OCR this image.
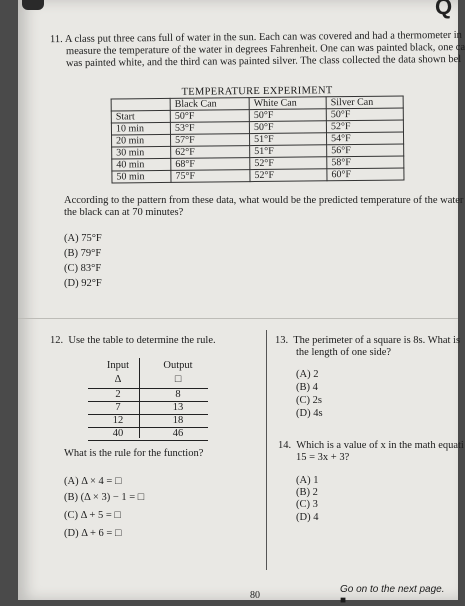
Q
11. A class put three cans full of water in the sun. Each can was covered and had a thermometer in
measure the temperature of the water in degrees Fahrenheit. One can was painted black, one ca
was painted white, and the third can was painted silver. The class collected the data shown bel
TEMPERATURE EXPERIMENT			
	Black Can	White Can	Silver Can
Start	50°F	50°F	50°F
10 min	53°F	50°F	52°F
20 min	57°F	51°F	54°F
30 min	62°F	51°F	56°F
40 min	68°F	52°F	58°F
50 min	75°F	52°F	60°F
According to the pattern from these data, what would be the predicted temperature of the water
the black can at 70 minutes?
(A) 75°F
(B) 79°F
(C) 83°F
(D) 92°F
12. Use the table to determine the rule.
Input	Output
Δ	□
2	8
7	13
12	18
40	46
What is the rule for the function?
(A) Δ × 4 = □
(B) (Δ × 3) − 1 = □
(C) Δ + 5 = □
(D) Δ + 6 = □
13. The perimeter of a square is 8s. What is
the length of one side?
(A) 2
(B) 4
(C) 2s
(D) 4s
14. Which is a value of x in the math equati
15 = 3x + 3?
(A) 1
(B) 2
(C) 3
(D) 4
Go on to the next page. ■
80
